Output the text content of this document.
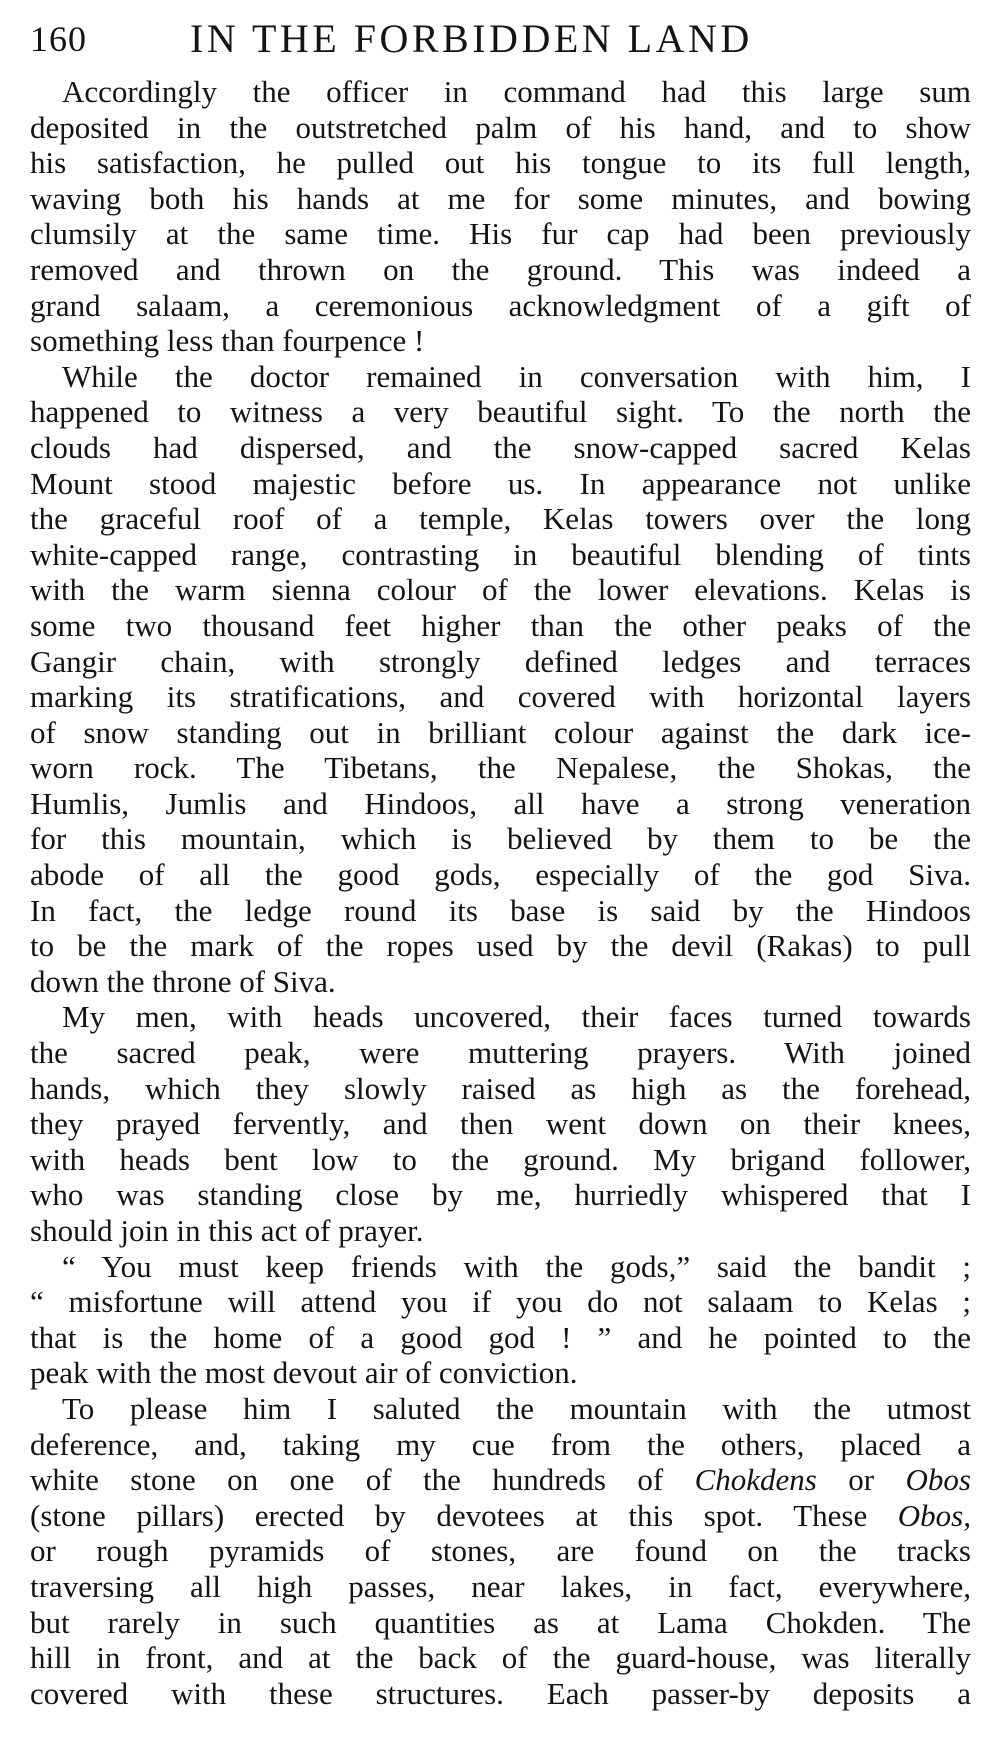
160	IN THE FORBIDDEN LAND

Accordingly the officer in command had this large sum
deposited in the outstretched palm of his hand, and to show
his satisfaction, he pulled out his tongue to its full length,
waving both his hands at me for some minutes, and bowing
clumsily at the same time. His fur cap had been previously
removed and thrown on the ground. This was indeed a
grand salaam, a ceremonious acknowledgment of a gift of
something less than fourpence !

While the doctor remained in conversation with him, I
happened to witness a very beautiful sight. To the north the
clouds had dispersed, and the snow-capped sacred Kelas
Mount stood majestic before us. In appearance not unlike
the graceful roof of a temple, Kelas towers over the long
white-capped range, contrasting in beautiful blending of tints
with the warm sienna colour of the lower elevations. Kelas is
some two thousand feet higher than the other peaks of the
Gangir chain, with strongly defined ledges and terraces
marking its stratifications, and covered with horizontal layers
of snow standing out in brilliant colour against the dark ice-
worn rock. The Tibetans, the Nepalese, the Shokas, the
Humlis, Jumlis and Hindoos, all have a strong veneration
for this mountain, which is believed by them to be the
abode of all the good gods, especially of the god Siva.
In fact, the ledge round its base is said by the Hindoos
to be the mark of the ropes used by the devil (Rakas) to pull
down the throne of Siva.

My men, with heads uncovered, their faces turned towards
the sacred peak, were muttering prayers. With joined
hands, which they slowly raised as high as the forehead,
they prayed fervently, and then went down on their knees,
with heads bent low to the ground. My brigand follower,
who was standing close by me, hurriedly whispered that I
should join in this act of prayer.

“ You must keep friends with the gods,” said the bandit ;
“ misfortune will attend you if you do not salaam to Kelas ;
that is the home of a good god ! ” and he pointed to the
peak with the most devout air of conviction.

To please him I saluted the mountain with the utmost
deference, and, taking my cue from the others, placed a
white stone on one of the hundreds of Chokdens or Obos
(stone pillars) erected by devotees at this spot. These Obos,
or rough pyramids of stones, are found on the tracks
traversing all high passes, near lakes, in fact, everywhere,
but rarely in such quantities as at Lama Chokden. The
hill in front, and at the back of the guard-house, was literally
covered with these structures. Each passer-by deposits a
